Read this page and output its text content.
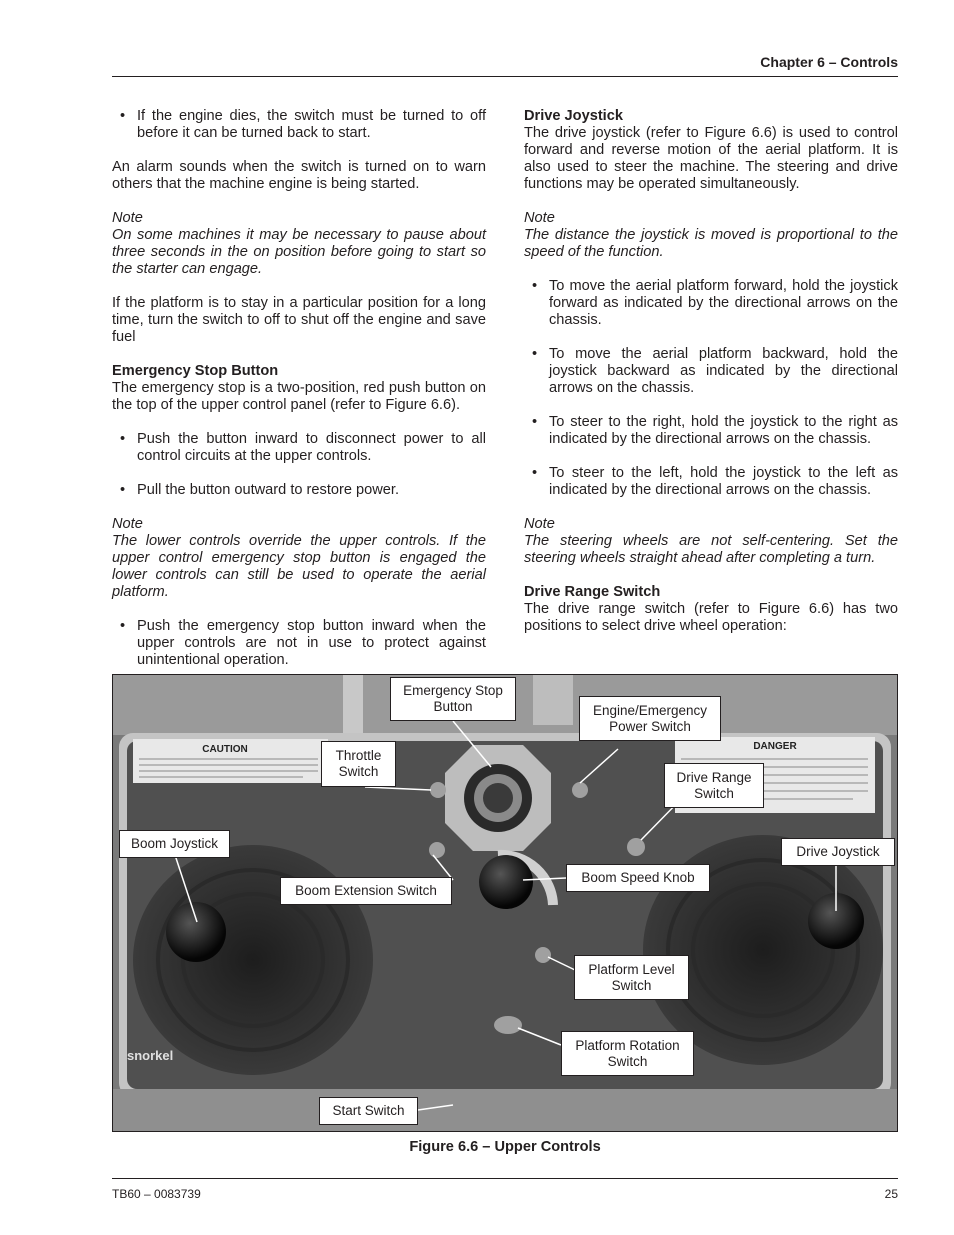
Chapter 6 – Controls
• If the engine dies, the switch must be turned to off before it can be turned back to start.

An alarm sounds when the switch is turned on to warn others that the machine engine is being started.

Note

On some machines it may be necessary to pause about three seconds in the on position before going to start so the starter can engage.

If the platform is to stay in a particular position for a long time, turn the switch to off to shut off the engine and save fuel

Emergency Stop Button

The emergency stop is a two-position, red push button on the top of the upper control panel (refer to Figure 6.6).

• Push the button inward to disconnect power to all control circuits at the upper controls.
• Pull the button outward to restore power.

Note

The lower controls override the upper controls. If the upper control emergency stop button is engaged the lower controls can still be used to operate the aerial platform.

• Push the emergency stop button inward when the upper controls are not in use to protect against unintentional operation.

Drive Joystick

The drive joystick (refer to Figure 6.6) is used to control forward and reverse motion of the aerial platform. It is also used to steer the machine. The steering and drive functions may be operated simultaneously.

Note

The distance the joystick is moved is proportional to the speed of the function.

• To move the aerial platform forward, hold the joystick forward as indicated by the directional arrows on the chassis.
• To move the aerial platform backward, hold the joystick backward as indicated by the directional arrows on the chassis.
• To steer to the right, hold the joystick to the right as indicated by the directional arrows on the chassis.
• To steer to the left, hold the joystick to the left as indicated by the directional arrows on the chassis.

Note

The steering wheels are not self-centering. Set the steering wheels straight ahead after completing a turn.

Drive Range Switch

The drive range switch (refer to Figure 6.6) has two positions to select drive wheel operation:

CAUTION	DANGER
snorkel
Emergency Stop Button	Engine/Emergency Power Switch
Throttle Switch	Drive Range Switch
Boom Joystick
Drive Joystick
Boom Extension Switch
Boom Speed Knob
Platform Level Switch
Platform Rotation Switch
Start Switch
Figure 6.6 – Upper Controls
TB60 – 0083739	25
